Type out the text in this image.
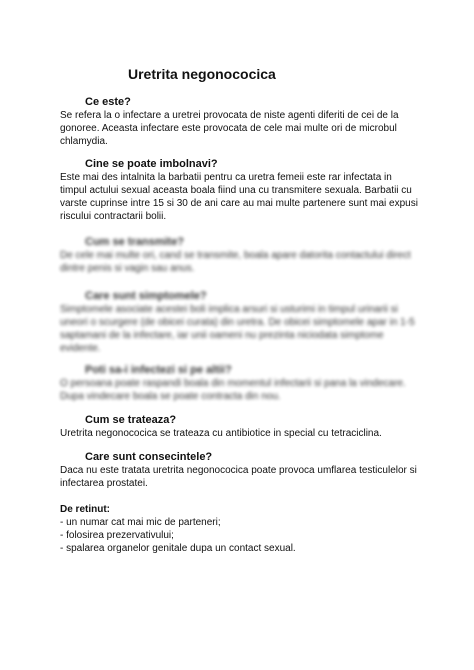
Uretrita negonococica

Ce este?

Se refera la o infectare a uretrei provocata de niste agenti diferiti de cei de la gonoree. Aceasta infectare este provocata de cele mai multe ori de microbul chlamydia.

Cine se poate imbolnavi?

Este mai des intalnita la barbatii pentru ca uretra femeii este rar infectata in timpul actului sexual aceasta boala fiind una cu transmitere sexuala. Barbatii cu varste cuprinse intre 15 si 30 de ani care au mai multe partenere sunt mai expusi riscului contractarii bolii.

Cum se transmite?

De cele mai multe ori, cand se transmite, boala apare datorita contactului direct dintre penis si vagin sau anus.

Care sunt simptomele?

Simptomele asociate acestei boli implica arsuri si usturimi in timpul urinarii si uneori o scurgere (de obicei curata) din uretra. De obicei simptomele apar in 1-5 saptamani de la infectare, iar unii oameni nu prezinta niciodata simptome evidente.

Poti sa-i infectezi si pe altii?

O persoana poate raspandi boala din momentul infectarii si pana la vindecare. Dupa vindecare boala se poate contracta din nou.

Cum se trateaza?

Uretrita negonococica se trateaza cu antibiotice in special cu tetraciclina.

Care sunt consecintele?

Daca nu este tratata uretrita negonococica poate provoca umflarea testiculelor si infectarea prostatei.

De retinut:

- un numar cat mai mic de parteneri;
- folosirea prezervativului;
- spalarea organelor genitale dupa un contact sexual.
